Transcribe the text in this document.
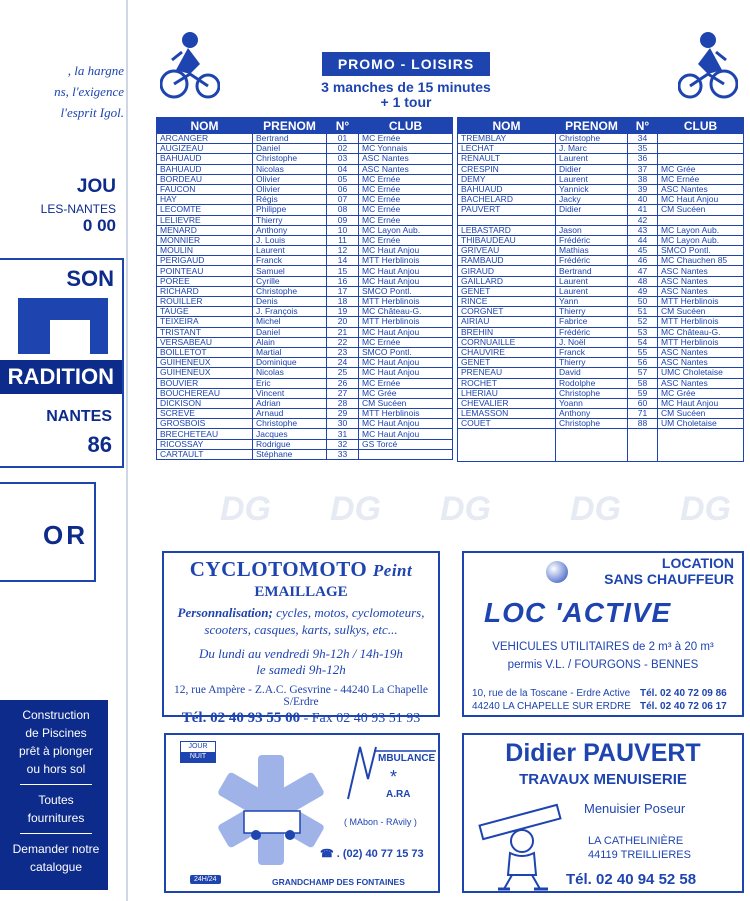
, la hargne
ns, l'exigence
l'esprit Igol.
JOU
LES-NANTES
0 00
SON
RADITION
NANTES
86
OR
Construction
de Piscines
prêt à plonger
ou hors sol
Toutes fournitures
Demander notre
catalogue
s
DG DG DG DG DG
PROMO - LOISIRS
3 manches de 15 minutes
+ 1 tour
NOM	PRENOM	N°	CLUB
ARCANGER	Bertrand	01	MC Ernée
AUGIZEAU	Daniel	02	MC Yonnais
BAHUAUD	Christophe	03	ASC Nantes
BAHUAUD	Nicolas	04	ASC Nantes
BORDEAU	Olivier	05	MC Ernée
FAUCON	Olivier	06	MC Ernée
HAY	Régis	07	MC Ernée
LECOMTE	Philippe	08	MC Ernée
LELIEVRE	Thierry	09	MC Ernée
MENARD	Anthony	10	MC Layon Aub.
MONNIER	J. Louis	11	MC Ernée
MOULIN	Laurent	12	MC Haut Anjou
PERIGAUD	Franck	14	MTT Herblinois
POINTEAU	Samuel	15	MC Haut Anjou
POREE	Cyrille	16	MC Haut Anjou
RICHARD	Christophe	17	SMCO Pontl.
ROUILLER	Denis	18	MTT Herblinois
TAUGE	J. François	19	MC Château-G.
TEIXEIRA	Michel	20	MTT Herblinois
TRISTANT	Daniel	21	MC Haut Anjou
VERSABEAU	Alain	22	MC Ernée
BOILLETOT	Martial	23	SMCO Pontl.
GUIHENEUX	Dominique	24	MC Haut Anjou
GUIHENEUX	Nicolas	25	MC Haut Anjou
BOUVIER	Eric	26	MC Ernée
BOUCHEREAU	Vincent	27	MC Grée
DICKISON	Adrian	28	CM Sucéen
SCREVE	Arnaud	29	MTT Herblinois
GROSBOIS	Christophe	30	MC Haut Anjou
BRECHETEAU	Jacques	31	MC Haut Anjou
RICOSSAY	Rodrigue	32	GS Torcé
CARTAULT	Stéphane	33	
NOM	PRENOM	N°	CLUB
TREMBLAY	Christophe	34	
LECHAT	J. Marc	35	
RENAULT	Laurent	36	
CRESPIN	Didier	37	MC Grée
DEMY	Laurent	38	MC Ernée
BAHUAUD	Yannick	39	ASC Nantes
BACHELARD	Jacky	40	MC Haut Anjou
PAUVERT	Didier	41	CM Sucéen
		42	
LEBASTARD	Jason	43	MC Layon Aub.
THIBAUDEAU	Frédéric	44	MC Layon Aub.
GRIVEAU	Mathias	45	SMCO Pontl.
RAMBAUD	Frédéric	46	MC Chauchen 85
GIRAUD	Bertrand	47	ASC Nantes
GAILLARD	Laurent	48	ASC Nantes
GENET	Laurent	49	ASC Nantes
RINCE	Yann	50	MTT Herblinois
CORGNET	Thierry	51	CM Sucéen
AIRIAU	Fabrice	52	MTT Herblinois
BREHIN	Frédéric	53	MC Château-G.
CORNUAILLE	J. Noël	54	MTT Herblinois
CHAUVIRE	Franck	55	ASC Nantes
GENET	Thierry	56	ASC Nantes
PRENEAU	David	57	UMC Choletaise
ROCHET	Rodolphe	58	ASC Nantes
LHERIAU	Christophe	59	MC Grée
CHEVALIER	Yoann	60	MC Haut Anjou
LEMASSON	Anthony	71	CM Sucéen
COUET	Christophe	88	UM Choletaise

CYCLOTOMOTO Peint
EMAILLAGE
Personnalisation; cycles, motos, cyclomoteurs, scooters, casques, karts, sulkys, etc...
Du lundi au vendredi 9h-12h / 14h-19h
le samedi 9h-12h
12, rue Ampère - Z.A.C. Gesvrine - 44240 La Chapelle S/Erdre
Tél. 02 40 93 55 00 - Fax 02 40 93 51 93
LOCATION
SANS CHAUFFEUR
LOC 'ACTIVE
VEHICULES UTILITAIRES de 2 m³ à 20 m³
permis V.L. / FOURGONS - BENNES
10, rue de la Toscane - Erdre Active
44240 LA CHAPELLE SUR ERDRE
Tél. 02 40 72 09 86
Tél. 02 40 72 06 17
JOUR
NUIT	MBULANCE
*
A.RA
( MAbon - RAvily )
☎ . (02) 40 77 15 73
24H/24	GRANDCHAMP DES FONTAINES
Didier PAUVERT
TRAVAUX MENUISERIE
Menuisier Poseur
LA CATHELINIÈRE
44119 TREILLIERES
Tél. 02 40 94 52 58
